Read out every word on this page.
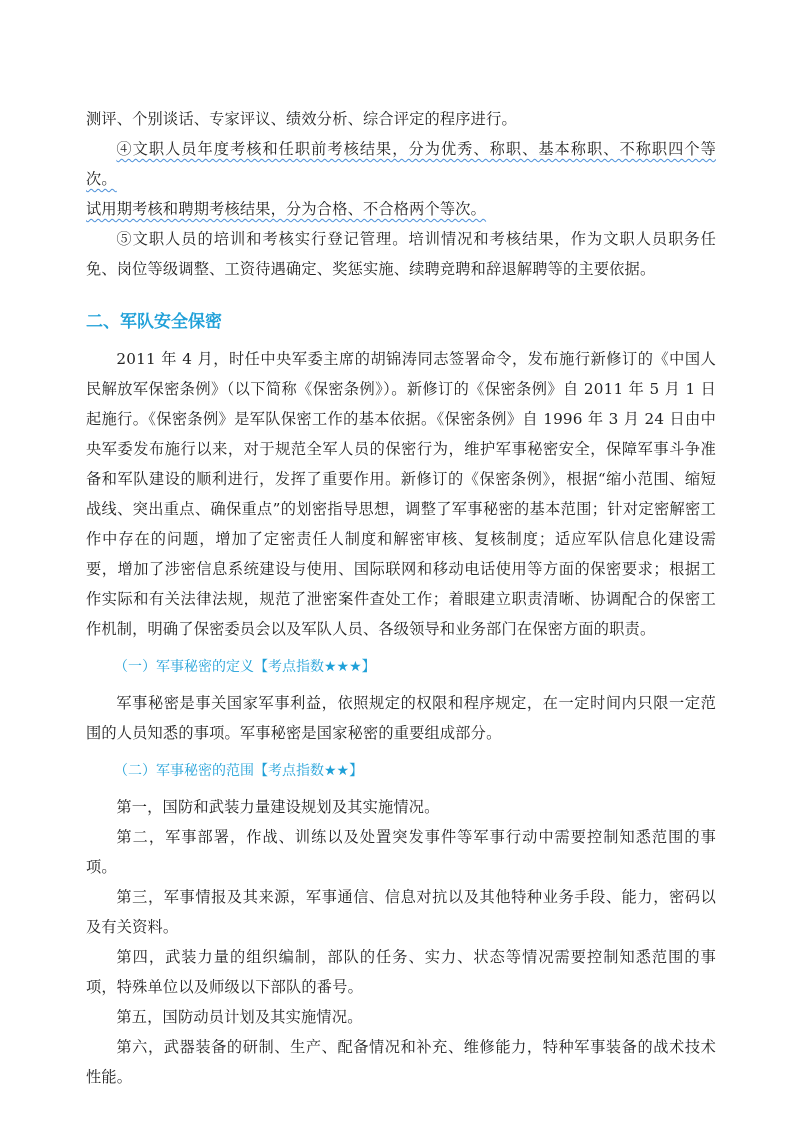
测评、个别谈话、专家评议、绩效分析、综合评定的程序进行。

④文职人员年度考核和任职前考核结果，分为优秀、称职、基本称职、不称职四个等次。
试用期考核和聘期考核结果，分为合格、不合格两个等次。

⑤文职人员的培训和考核实行登记管理。培训情况和考核结果，作为文职人员职务任免、岗位等级调整、工资待遇确定、奖惩实施、续聘竞聘和辞退解聘等的主要依据。

二、军队安全保密

2011 年 4 月，时任中央军委主席的胡锦涛同志签署命令，发布施行新修订的《中国人民解放军保密条例》（以下简称《保密条例》）。新修订的《保密条例》自 2011 年 5 月 1 日起施行。《保密条例》是军队保密工作的基本依据。《保密条例》自 1996 年 3 月 24 日由中央军委发布施行以来，对于规范全军人员的保密行为，维护军事秘密安全，保障军事斗争准备和军队建设的顺利进行，发挥了重要作用。新修订的《保密条例》，根据“缩小范围、缩短战线、突出重点、确保重点”的划密指导思想，调整了军事秘密的基本范围；针对定密解密工作中存在的问题，增加了定密责任人制度和解密审核、复核制度；适应军队信息化建设需要，增加了涉密信息系统建设与使用、国际联网和移动电话使用等方面的保密要求；根据工作实际和有关法律法规，规范了泄密案件查处工作；着眼建立职责清晰、协调配合的保密工作机制，明确了保密委员会以及军队人员、各级领导和业务部门在保密方面的职责。

（一）军事秘密的定义【考点指数★★★】

军事秘密是事关国家军事利益，依照规定的权限和程序规定，在一定时间内只限一定范围的人员知悉的事项。军事秘密是国家秘密的重要组成部分。

（二）军事秘密的范围【考点指数★★】

第一，国防和武装力量建设规划及其实施情况。

第二，军事部署，作战、训练以及处置突发事件等军事行动中需要控制知悉范围的事项。

第三，军事情报及其来源，军事通信、信息对抗以及其他特种业务手段、能力，密码以及有关资料。

第四，武装力量的组织编制，部队的任务、实力、状态等情况需要控制知悉范围的事项，特殊单位以及师级以下部队的番号。

第五，国防动员计划及其实施情况。

第六，武器装备的研制、生产、配备情况和补充、维修能力，特种军事装备的战术技术性能。
